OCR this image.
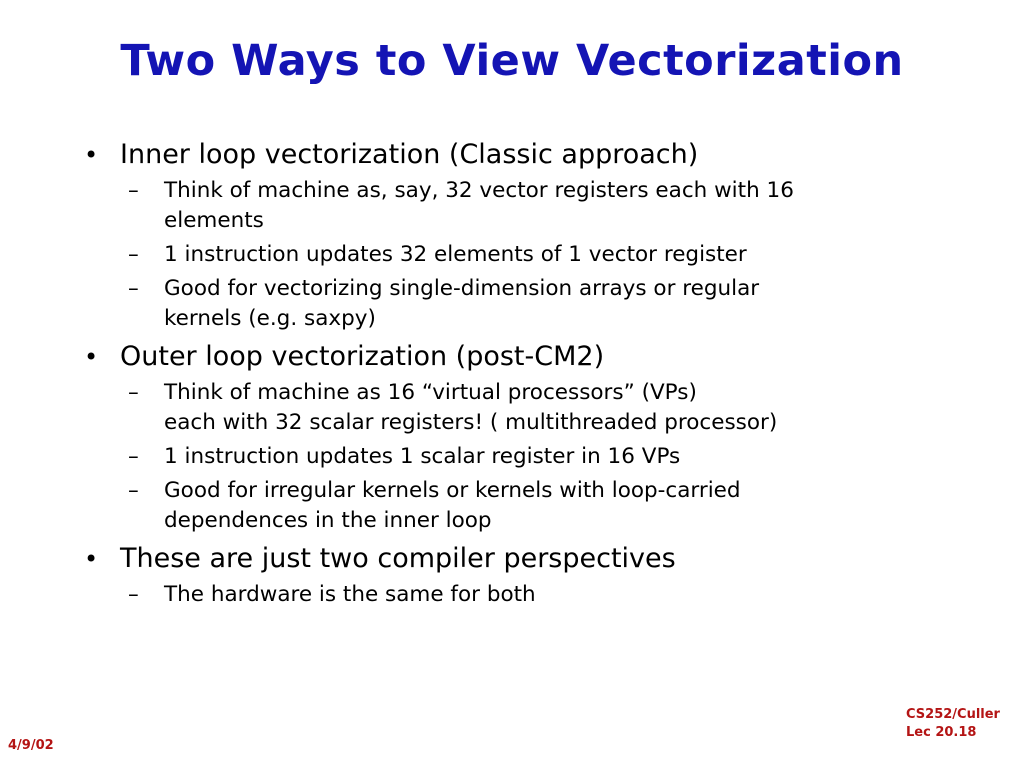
Two Ways to View Vectorization
• Inner loop vectorization (Classic approach)
– Think of machine as, say, 32 vector registers each with 16
elements
– 1 instruction updates 32 elements of 1 vector register
– Good for vectorizing single-dimension arrays or regular
kernels (e.g. saxpy)
• Outer loop vectorization (post-CM2)
– Think of machine as 16 “virtual processors” (VPs)
each with 32 scalar registers! ( multithreaded processor)
– 1 instruction updates 1 scalar register in 16 VPs
– Good for irregular kernels or kernels with loop-carried
dependences in the inner loop
• These are just two compiler perspectives
– The hardware is the same for both
CS252/Culler
Lec 20.18
4/9/02
